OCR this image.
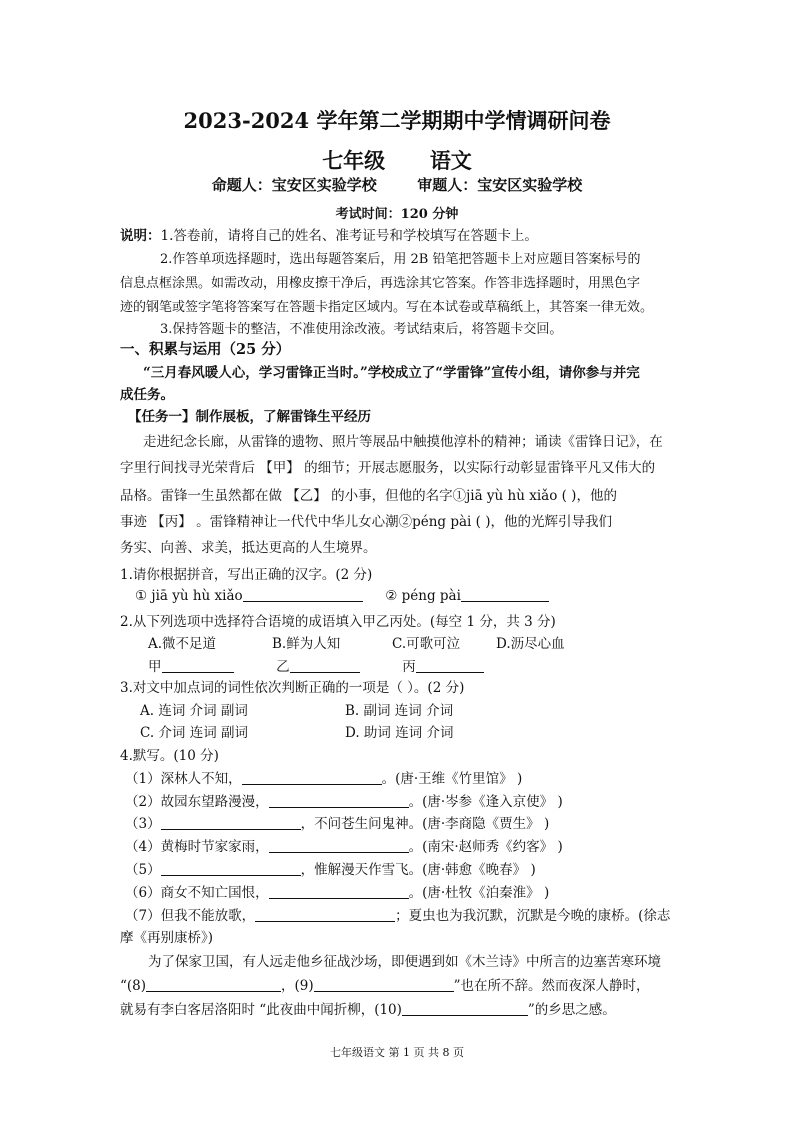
2023-2024 学年第二学期期中学情调研问卷
七年级 语文
命题人：宝安区实验学校	审题人：宝安区实验学校
考试时间：120 分钟
说明：1.答卷前，请将自己的姓名、准考证号和学校填写在答题卡上。
2.作答单项选择题时，选出每题答案后，用 2B 铅笔把答题卡上对应题目答案标号的
信息点框涂黑。如需改动，用橡皮擦干净后，再选涂其它答案。作答非选择题时，用黑色字
迹的钢笔或签字笔将答案写在答题卡指定区域内。写在本试卷或草稿纸上，其答案一律无效。
3.保持答题卡的整洁，不准使用涂改液。考试结束后，将答题卡交回。
一、积累与运用（25 分）
“三月春风暖人心，学习雷锋正当时。”学校成立了“学雷锋”宣传小组，请你参与并完
成任务。
【任务一】制作展板，了解雷锋生平经历
走进纪念长廊，从雷锋的遗物、照片等展品中触摸他淳朴的精神；诵读《雷锋日记》，在
字里行间找寻光荣背后 【甲】 的细节；开展志愿服务，以实际行动彰显雷锋平凡又伟大的
品格。雷锋一生虽然都在做 【乙】 的小事，但他的名字①jiā yù hù xiǎo ( )，他的
事迹 【丙】 。雷锋精神让一代代中华儿女心潮②péng pài ( )，他的光辉引导我们
务实、向善、求美，抵达更高的人生境界。
1.请你根据拼音，写出正确的汉字。(2 分)
① jiā yù hù xiǎo	② péng pài
2.从下列选项中选择符合语境的成语填入甲乙丙处。(每空 1 分，共 3 分)
A.微不足道	B.鲜为人知	C.可歌可泣	D.沥尽心血
甲	乙	丙
3.对文中加点词的词性依次判断正确的一项是（ ）。(2 分)
A. 连词 介词 副词	B. 副词 连词 介词
C. 介词 连词 副词	D. 助词 连词 介词
4.默写。(10 分)
（1）深林人不知，	。(唐·王维《竹里馆》 )
（2）故园东望路漫漫，	。(唐·岑参《逢入京使》 )
（3）	，不问苍生问鬼神。(唐·李商隐《贾生》 )
（4）黄梅时节家家雨，	。(南宋·赵师秀《约客》 )
（5）	，惟解漫天作雪飞。(唐·韩愈《晚春》 )
（6）商女不知亡国恨，	。(唐·杜牧《泊秦淮》 )
（7）但我不能放歌，	；夏虫也为我沉默，沉默是今晚的康桥。(徐志
摩《再别康桥》)
为了保家卫国，有人远走他乡征战沙场，即便遇到如《木兰诗》中所言的边塞苦寒环境
“(8)	，(9)	”也在所不辞。然而夜深人静时，
就易有李白客居洛阳时 “此夜曲中闻折柳，(10)	”的乡思之感。
七年级语文 第 1 页 共 8 页
